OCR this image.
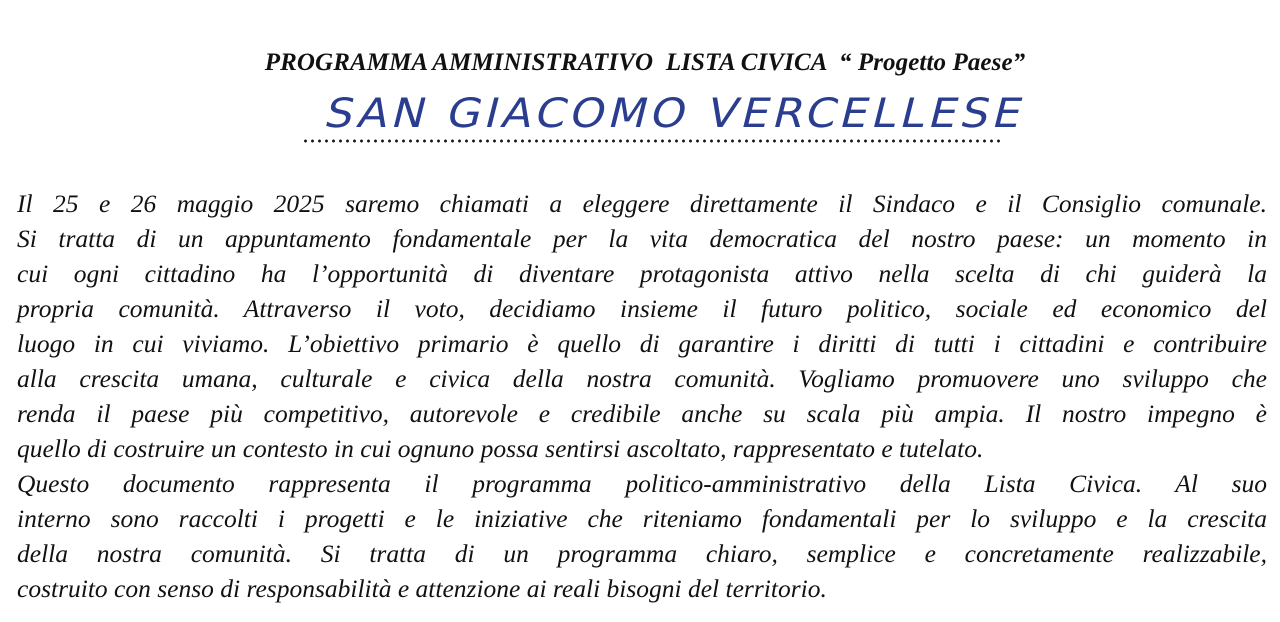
PROGRAMMA AMMINISTRATIVO  LISTA CIVICA  “ Progetto Paese”
SAN GIACOMO VERCELLESE
Il 25 e 26 maggio 2025 saremo chiamati a eleggere direttamente il Sindaco e il Consiglio comunale.
Si tratta di un appuntamento fondamentale per la vita democratica del nostro paese: un momento in
cui ogni cittadino ha l’opportunità di diventare protagonista attivo nella scelta di chi guiderà la
propria comunità. Attraverso il voto, decidiamo insieme il futuro politico, sociale ed economico del
luogo in cui viviamo. L’obiettivo primario è quello di garantire i diritti di tutti i cittadini e contribuire
alla crescita umana, culturale e civica della nostra comunità. Vogliamo promuovere uno sviluppo che
renda il paese più competitivo, autorevole e credibile anche su scala più ampia. Il nostro impegno è
quello di costruire un contesto in cui ognuno possa sentirsi ascoltato, rappresentato e tutelato.
Questo documento rappresenta il programma politico-amministrativo della Lista Civica. Al suo
interno sono raccolti i progetti e le iniziative che riteniamo fondamentali per lo sviluppo e la crescita
della nostra comunità. Si tratta di un programma chiaro, semplice e concretamente realizzabile,
costruito con senso di responsabilità e attenzione ai reali bisogni del territorio.
